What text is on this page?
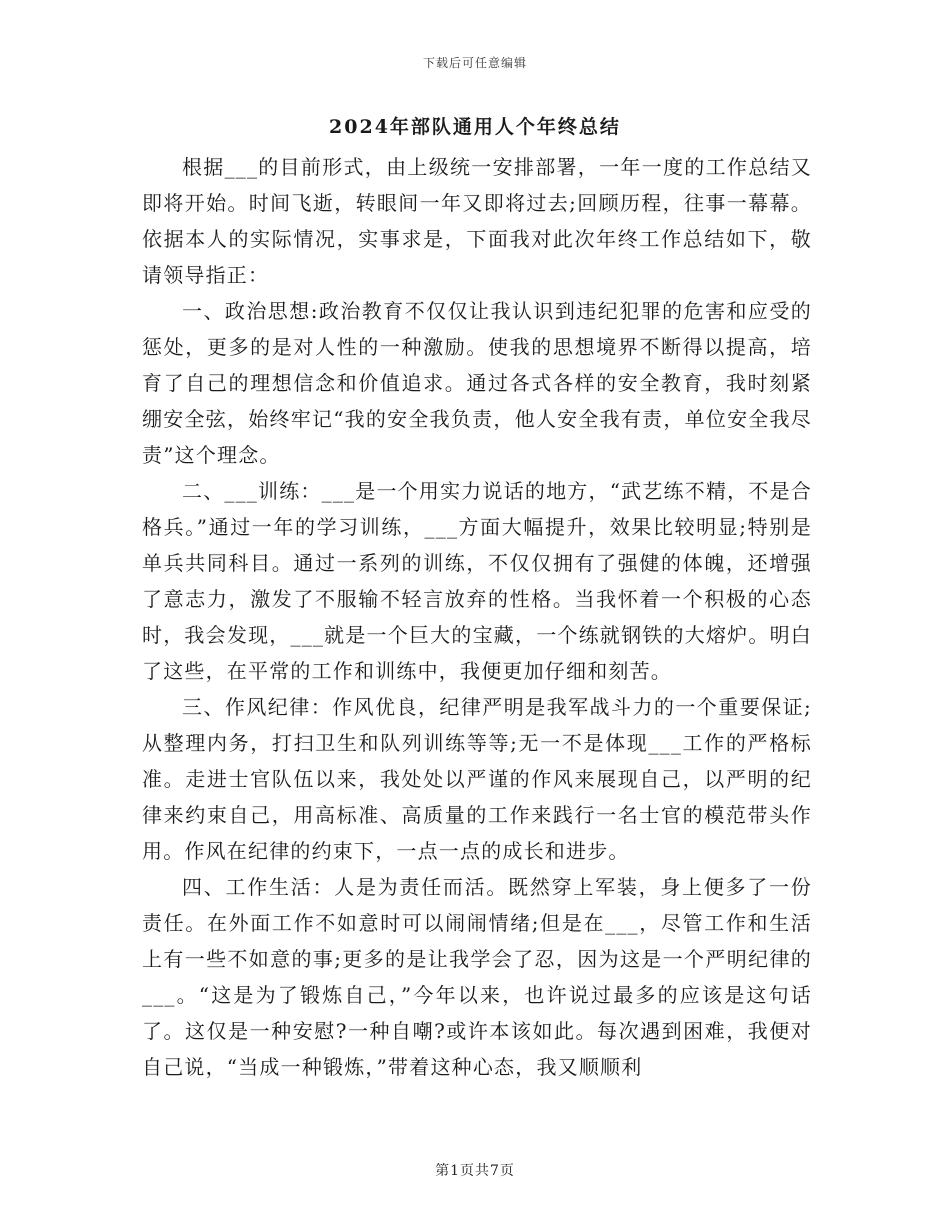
下载后可任意编辑
2024年部队通用人个年终总结

根据___的目前形式，由上级统一安排部署，一年一度的工作总结又即将开始。时间飞逝，转眼间一年又即将过去;回顾历程，往事一幕幕。依据本人的实际情况，实事求是，下面我对此次年终工作总结如下，敬请领导指正：

一、政治思想:政治教育不仅仅让我认识到违纪犯罪的危害和应受的惩处，更多的是对人性的一种激励。使我的思想境界不断得以提高，培育了自己的理想信念和价值追求。通过各式各样的安全教育，我时刻紧绷安全弦，始终牢记“我的安全我负责，他人安全我有责，单位安全我尽责”这个理念。

二、___训练：___是一个用实力说话的地方，“武艺练不精，不是合格兵。”通过一年的学习训练，___方面大幅提升，效果比较明显;特别是单兵共同科目。通过一系列的训练，不仅仅拥有了强健的体魄，还增强了意志力，激发了不服输不轻言放弃的性格。当我怀着一个积极的心态时，我会发现，___就是一个巨大的宝藏，一个练就钢铁的大熔炉。明白了这些，在平常的工作和训练中，我便更加仔细和刻苦。

三、作风纪律：作风优良，纪律严明是我军战斗力的一个重要保证;从整理内务，打扫卫生和队列训练等等;无一不是体现___工作的严格标准。走进士官队伍以来，我处处以严谨的作风来展现自己，以严明的纪律来约束自己，用高标准、高质量的工作来践行一名士官的模范带头作用。作风在纪律的约束下，一点一点的成长和进步。

四、工作生活：人是为责任而活。既然穿上军装，身上便多了一份责任。在外面工作不如意时可以闹闹情绪;但是在___，尽管工作和生活上有一些不如意的事;更多的是让我学会了忍，因为这是一个严明纪律的___。“这是为了锻炼自己，”今年以来，也许说过最多的应该是这句话了。这仅是一种安慰?一种自嘲?或许本该如此。每次遇到困难，我便对自己说，“当成一种锻炼，”带着这种心态，我又顺顺利

第1页共7页
